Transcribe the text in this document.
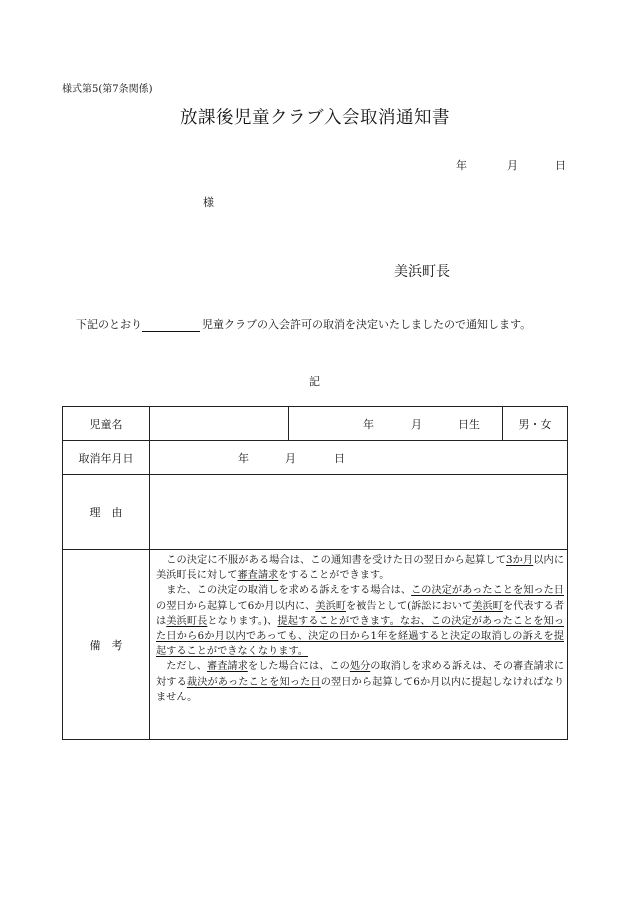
様式第5(第7条関係)
放課後児童クラブ入会取消通知書
年	月	日
様
美浜町長
下記のとおり	児童クラブの入会許可の取消を決定いたしましたので通知します。
記
児童名		年 月 日生	男・女
取消年月日	年 月 日		
理　由			
備　考	この決定に不服がある場合は、この通知書を受けた日の翌日から起算して3か月以内に美浜町長に対して審査請求をすることができます。

また、この決定の取消しを求める訴えをする場合は、この決定があったことを知った日の翌日から起算して6か月以内に、美浜町を被告として(訴訟において美浜町を代表する者は美浜町長となります。)、提起することができます。なお、この決定があったことを知った日から6か月以内であっても、決定の日から1年を経過すると決定の取消しの訴えを提起することができなくなります。

ただし、審査請求をした場合には、この処分の取消しを求める訴えは、その審査請求に対する裁決があったことを知った日の翌日から起算して6か月以内に提起しなければなりません。		
